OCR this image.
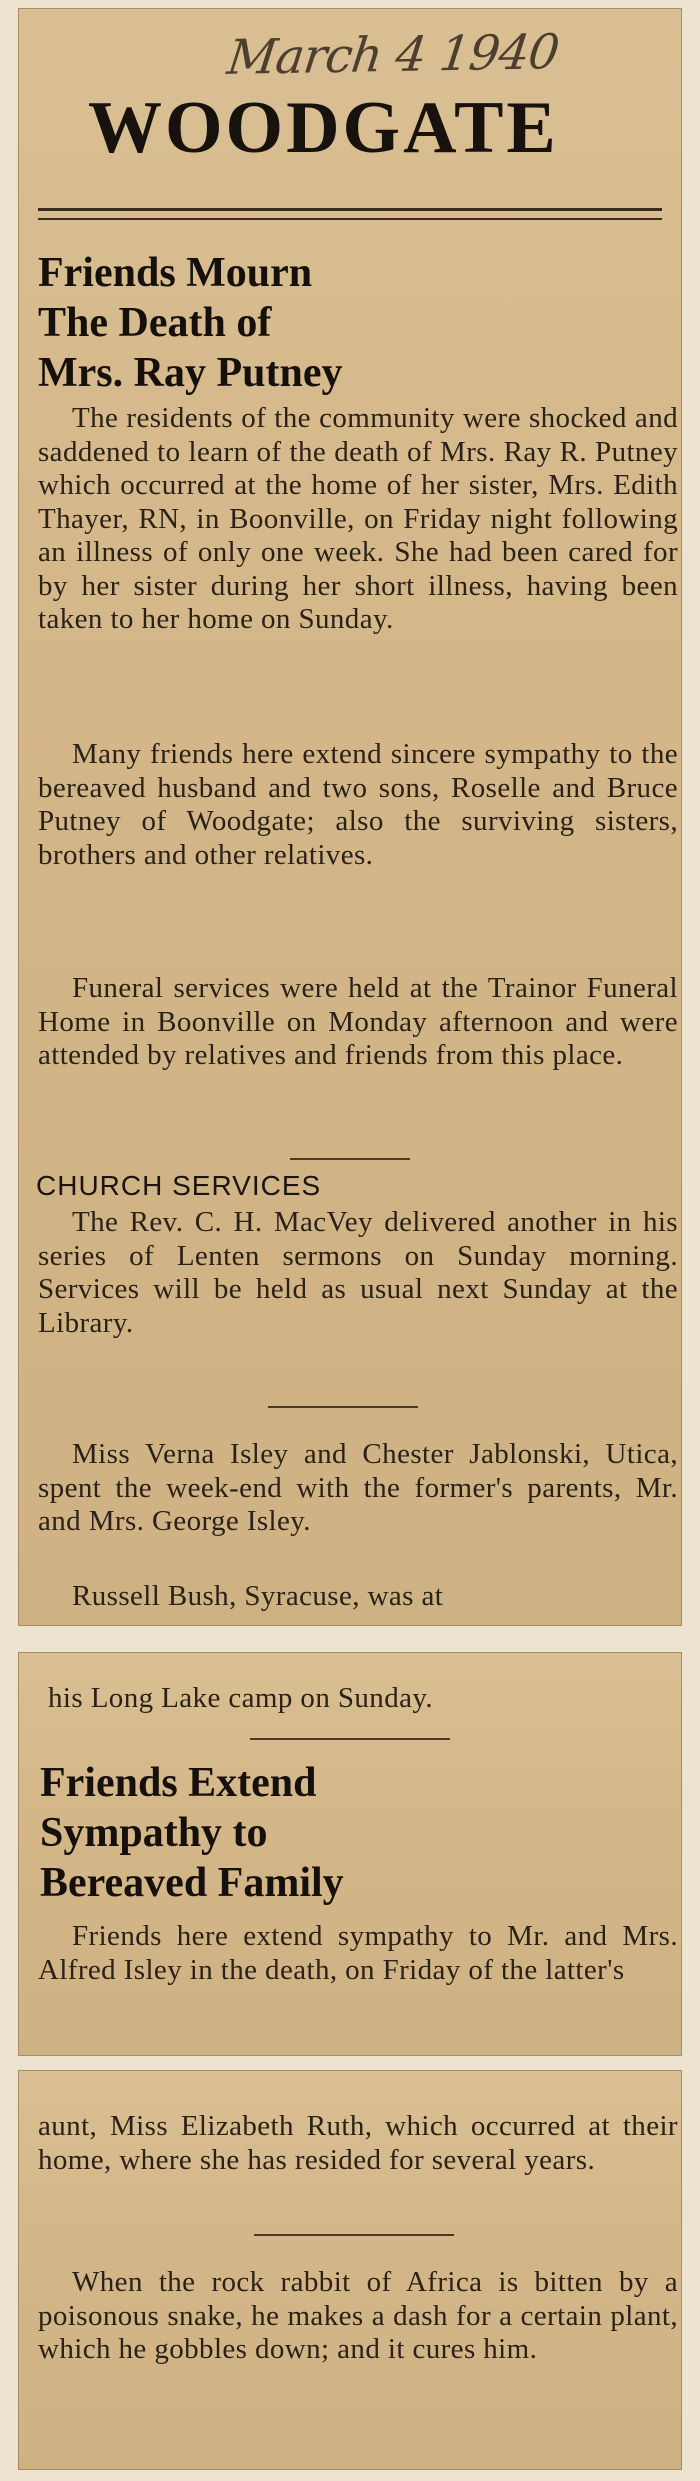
March 4 1940
WOODGATE
Friends Mourn
The Death of
Mrs. Ray Putney

The residents of the community were shocked and saddened to learn of the death of Mrs. Ray R. Putney which occurred at the home of her sister, Mrs. Edith Thayer, RN, in Boonville, on Friday night following an illness of only one week. She had been cared for by her sister during her short illness, having been taken to her home on Sunday.

Many friends here extend sincere sympathy to the bereaved husband and two sons, Roselle and Bruce Putney of Woodgate; also the surviving sisters, brothers and other relatives.

Funeral services were held at the Trainor Funeral Home in Boonville on Monday afternoon and were attended by relatives and friends from this place.

CHURCH SERVICES

The Rev. C. H. MacVey delivered another in his series of Lenten sermons on Sunday morning. Services will be held as usual next Sunday at the Library.

Miss Verna Isley and Chester Jablonski, Utica, spent the week-end with the former's parents, Mr. and Mrs. George Isley.

Russell Bush, Syracuse, was at

his Long Lake camp on Sunday.

Friends Extend
Sympathy to
Bereaved Family

Friends here extend sympathy to Mr. and Mrs. Alfred Isley in the death, on Friday of the latter's

aunt, Miss Elizabeth Ruth, which occurred at their home, where she has resided for several years.

When the rock rabbit of Africa is bitten by a poisonous snake, he makes a dash for a certain plant, which he gobbles down; and it cures him.
